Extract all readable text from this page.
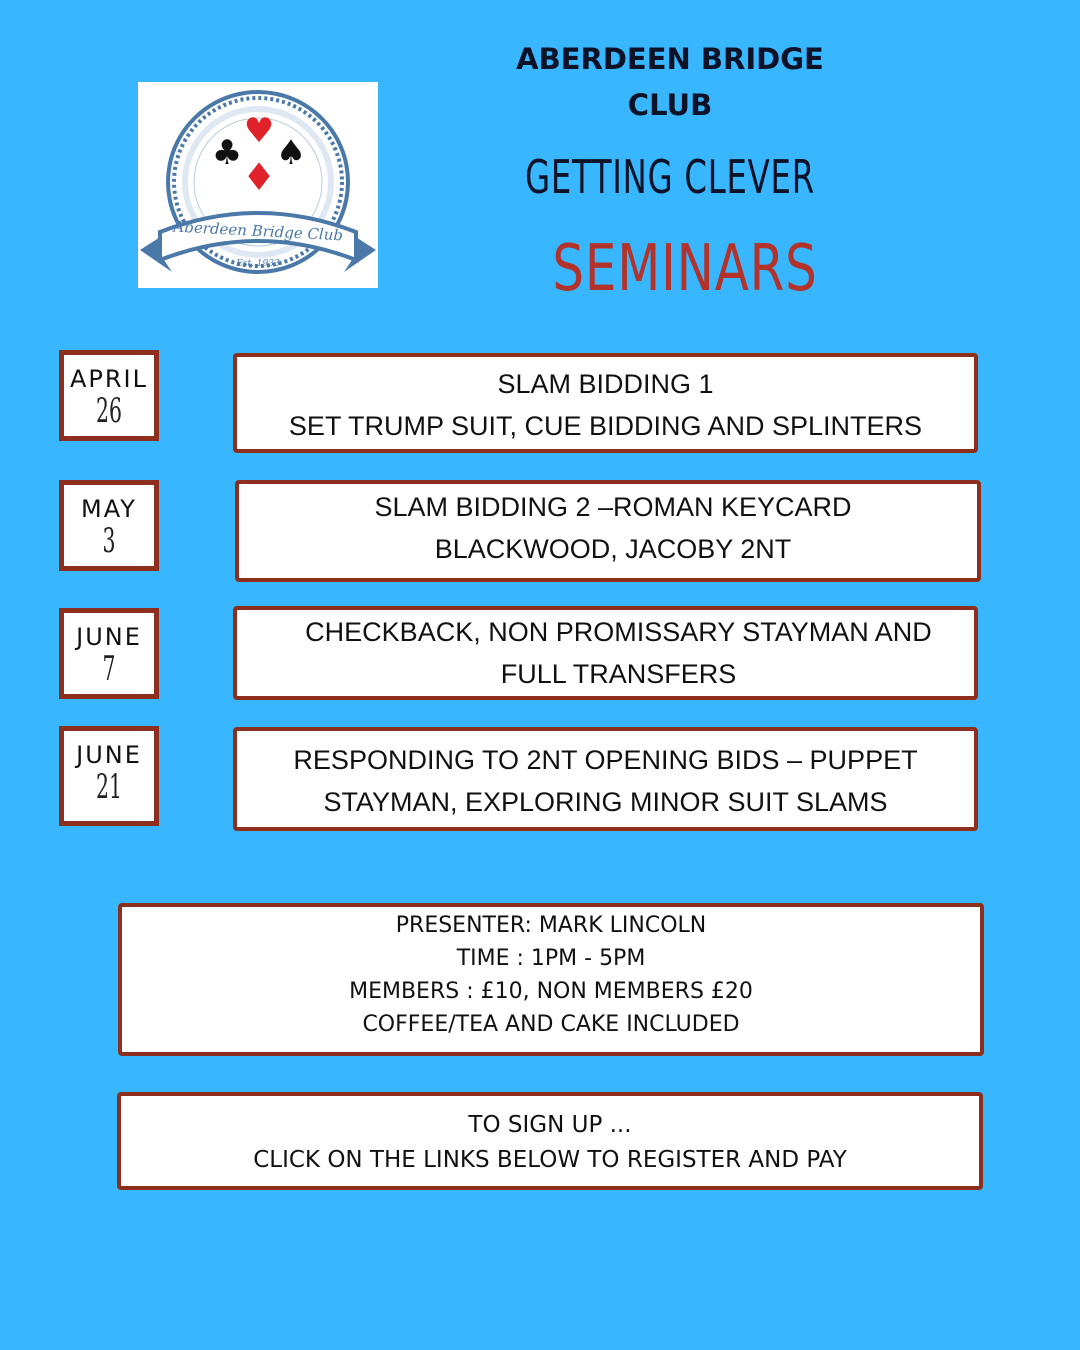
♣
♥
♠
♦
Aberdeen Bridge Club
Est. 1933
ABERDEEN BRIDGE
CLUB
GETTING CLEVER
SEMINARS
APRIL
26
SLAM BIDDING 1
SET TRUMP SUIT, CUE BIDDING AND SPLINTERS
MAY
3
SLAM BIDDING 2 –ROMAN KEYCARD
BLACKWOOD, JACOBY 2NT
JUNE
7
CHECKBACK, NON PROMISSARY STAYMAN AND
FULL TRANSFERS
JUNE
21
RESPONDING TO 2NT OPENING BIDS – PUPPET
STAYMAN, EXPLORING MINOR SUIT SLAMS
PRESENTER: MARK LINCOLN
TIME : 1PM - 5PM
MEMBERS : £10, NON MEMBERS £20
COFFEE/TEA AND CAKE INCLUDED
TO SIGN UP ...
CLICK ON THE LINKS BELOW TO REGISTER AND PAY
